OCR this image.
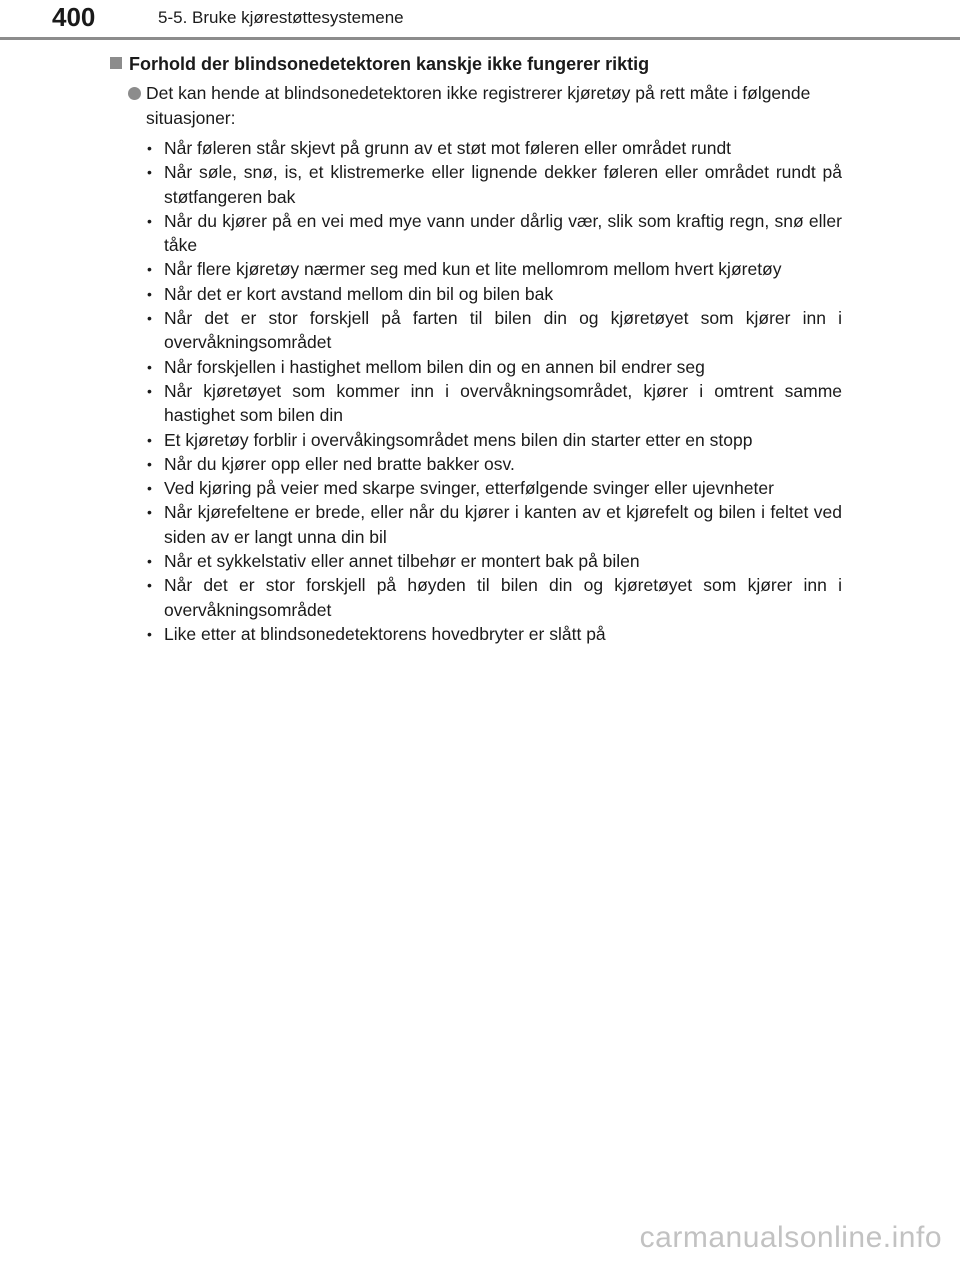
400	5-5. Bruke kjørestøttesystemene
Forhold der blindsonedetektoren kanskje ikke fungerer riktig
Det kan hende at blindsonedetektoren ikke registrerer kjøretøy på rett måte i følgende situasjoner:
• Når føleren står skjevt på grunn av et støt mot føleren eller området rundt
• Når søle, snø, is, et klistremerke eller lignende dekker føleren eller området rundt på støtfangeren bak
• Når du kjører på en vei med mye vann under dårlig vær, slik som kraftig regn, snø eller tåke
• Når flere kjøretøy nærmer seg med kun et lite mellomrom mellom hvert kjøretøy
• Når det er kort avstand mellom din bil og bilen bak
• Når det er stor forskjell på farten til bilen din og kjøretøyet som kjører inn i overvåkningsområdet
• Når forskjellen i hastighet mellom bilen din og en annen bil endrer seg
• Når kjøretøyet som kommer inn i overvåkningsområdet, kjører i omtrent samme hastighet som bilen din
• Et kjøretøy forblir i overvåkingsområdet mens bilen din starter etter en stopp
• Når du kjører opp eller ned bratte bakker osv.
• Ved kjøring på veier med skarpe svinger, etterfølgende svinger eller ujevnheter
• Når kjørefeltene er brede, eller når du kjører i kanten av et kjørefelt og bilen i feltet ved siden av er langt unna din bil
• Når et sykkelstativ eller annet tilbehør er montert bak på bilen
• Når det er stor forskjell på høyden til bilen din og kjøretøyet som kjører inn i overvåkningsområdet
• Like etter at blindsonedetektorens hovedbryter er slått på
carmanualsonline.info
